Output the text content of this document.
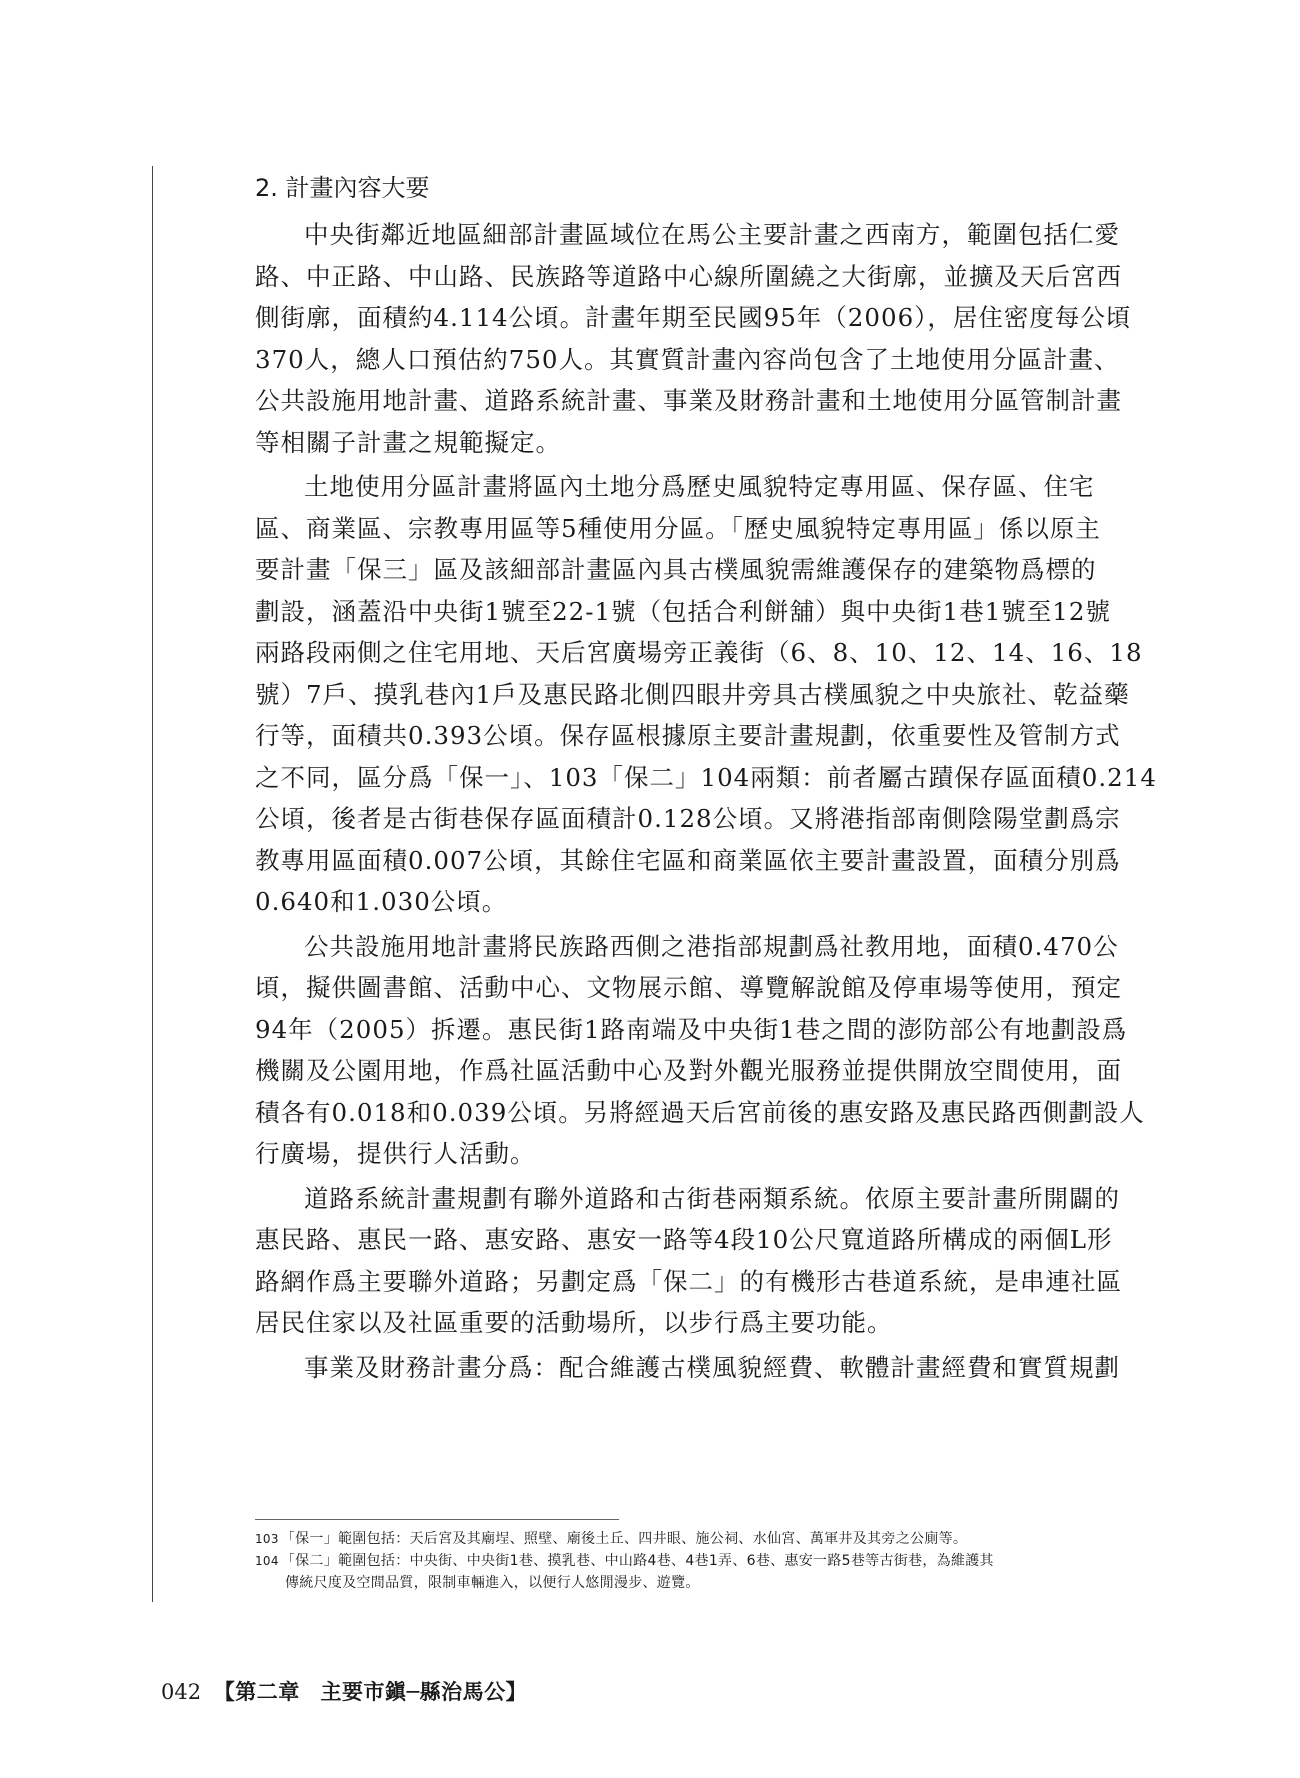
2. 計畫內容大要
中央街鄰近地區細部計畫區域位在馬公主要計畫之西南方，範圍包括仁愛
路、中正路、中山路、民族路等道路中心線所圍繞之大街廓，並擴及天后宮西
側街廓，面積約4.114公頃。計畫年期至民國95年（2006），居住密度每公頃
370人，總人口預估約750人。其實質計畫內容尚包含了土地使用分區計畫、
公共設施用地計畫、道路系統計畫、事業及財務計畫和土地使用分區管制計畫
等相關子計畫之規範擬定。
土地使用分區計畫將區內土地分爲歷史風貌特定專用區、保存區、住宅
區、商業區、宗教專用區等5種使用分區。「歷史風貌特定專用區」係以原主
要計畫「保三」區及該細部計畫區內具古樸風貌需維護保存的建築物爲標的
劃設，涵蓋沿中央街1號至22-1號（包括合利餅舖）與中央街1巷1號至12號
兩路段兩側之住宅用地、天后宮廣場旁正義街（6、8、10、12、14、16、18
號）7戶、摸乳巷內1戶及惠民路北側四眼井旁具古樸風貌之中央旅社、乾益藥
行等，面積共0.393公頃。保存區根據原主要計畫規劃，依重要性及管制方式
之不同，區分爲「保一」、103「保二」104兩類：前者屬古蹟保存區面積0.214
公頃，後者是古街巷保存區面積計0.128公頃。又將港指部南側陰陽堂劃爲宗
教專用區面積0.007公頃，其餘住宅區和商業區依主要計畫設置，面積分別爲
0.640和1.030公頃。
公共設施用地計畫將民族路西側之港指部規劃爲社教用地，面積0.470公
頃，擬供圖書館、活動中心、文物展示館、導覽解說館及停車場等使用，預定
94年（2005）拆遷。惠民街1路南端及中央街1巷之間的澎防部公有地劃設爲
機關及公園用地，作爲社區活動中心及對外觀光服務並提供開放空間使用，面
積各有0.018和0.039公頃。另將經過天后宮前後的惠安路及惠民路西側劃設人
行廣場，提供行人活動。
道路系統計畫規劃有聯外道路和古街巷兩類系統。依原主要計畫所開闢的
惠民路、惠民一路、惠安路、惠安一路等4段10公尺寬道路所構成的兩個L形
路網作爲主要聯外道路；另劃定爲「保二」的有機形古巷道系統，是串連社區
居民住家以及社區重要的活動場所，以步行爲主要功能。
事業及財務計畫分爲：配合維護古樸風貌經費、軟體計畫經費和實質規劃
103 「保一」範圍包括：天后宮及其廟埕、照壁、廟後土丘、四井眼、施公祠、水仙宮、萬軍井及其旁之公廁等。
104 「保二」範圍包括：中央街、中央街1巷、摸乳巷、中山路4巷、4巷1弄、6巷、惠安一路5巷等古街巷，為維護其
傳統尺度及空間品質，限制車輛進入，以便行人悠閒漫步、遊覽。
042 【第二章 主要市鎭─縣治馬公】
